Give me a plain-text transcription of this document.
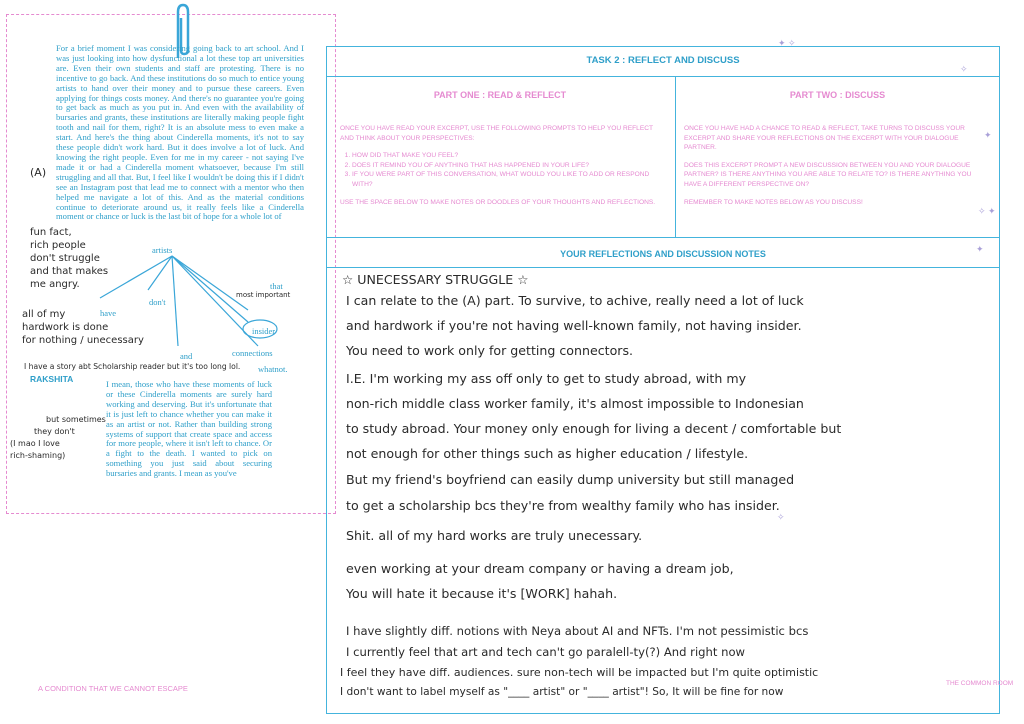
For a brief moment I was considering going back to art school. And I was just looking into how dysfunctional a lot these top art universities are. Even their own students and staff are protesting. There is no incentive to go back. And these institutions do so much to entice young artists to hand over their money and to pursue these careers. Even applying for things costs money. And there's no guarantee you're going to get back as much as you put in. And even with the availability of bursaries and grants, these institutions are literally making people fight tooth and nail for them, right? It is an absolute mess to even make a start. And here's the thing about Cinderella moments, it's not to say these people didn't work hard. But it does involve a lot of luck. And knowing the right people. Even for me in my career - not saying I've made it or had a Cinderella moment whatsoever, because I'm still struggling and all that. But, I feel like I wouldn't be doing this if I didn't see an Instagram post that lead me to connect with a mentor who then helped me navigate a lot of this. And as the material conditions continue to deteriorate around us, it really feels like a Cinderella moment or chance or luck is the last bit of hope for a whole lot of
artists
have
don't
and
insider
connections
whatnot.
that
most important
(A)
fun fact,
rich people
don't struggle
and that makes
me angry.
all of my
hardwork is done
for nothing / unecessary
I have a story abt Scholarship reader but it's too long lol.
RAKSHITA	I mean, those who have these moments of luck or these Cinderella moments are surely hard working and deserving. But it's unfortunate that it is just left to chance whether you can make it as an artist or not. Rather than building strong systems of support that create space and access for more people, where it isn't left to chance. Or a fight to the death. I wanted to pick on something you just said about securing bursaries and grants. I mean as you've
but sometimes
they don't
(I mao I love
rich-shaming)
TASK 2 : REFLECT AND DISCUSS
PART ONE : READ & REFLECT	PART TWO : DISCUSS

ONCE YOU HAVE READ YOUR EXCERPT, USE THE FOLLOWING PROMPTS TO HELP YOU REFLECT AND THINK ABOUT YOUR PERSPECTIVES:

1. HOW DID THAT MAKE YOU FEEL?
2. DOES IT REMIND YOU OF ANYTHING THAT HAS HAPPENED IN YOUR LIFE?
3. IF YOU WERE PART OF THIS CONVERSATION, WHAT WOULD YOU LIKE TO ADD OR RESPOND WITH?

USE THE SPACE BELOW TO MAKE NOTES OR DOODLES OF YOUR THOUGHTS AND REFLECTIONS.

ONCE YOU HAVE HAD A CHANCE TO READ & REFLECT, TAKE TURNS TO DISCUSS YOUR EXCERPT AND SHARE YOUR REFLECTIONS ON THE EXCERPT WITH YOUR DIALOGUE PARTNER.

DOES THIS EXCERPT PROMPT A NEW DISCUSSION BETWEEN YOU AND YOUR DIALOGUE PARTNER? IS THERE ANYTHING YOU ARE ABLE TO RELATE TO? IS THERE ANYTHING YOU HAVE A DIFFERENT PERSPECTIVE ON?

REMEMBER TO MAKE NOTES BELOW AS YOU DISCUSS!

YOUR REFLECTIONS AND DISCUSSION NOTES
☆ UNECESSARY STRUGGLE ☆
I can relate to the (A) part. To survive, to achive, really need a lot of luck
and hardwork if you're not having well-known family, not having insider.
You need to work only for getting connectors.
I.E. I'm working my ass off only to get to study abroad, with my
non-rich middle class worker family, it's almost impossible to Indonesian
to study abroad. Your money only enough for living a decent / comfortable but
not enough for other things such as higher education / lifestyle.
But my friend's boyfriend can easily dump university but still managed
to get a scholarship bcs they're from wealthy family who has insider.
Shit. all of my hard works are truly unecessary.
even working at your dream company or having a dream job,
You will hate it because it's [WORK] hahah.
I have slightly diff. notions with Neya about AI and NFTs. I'm not pessimistic bcs
I currently feel that art and tech can't go paralell-ty(?) And right now
I feel they have diff. audiences. sure non-tech will be impacted but I'm quite optimistic
I don't want to label myself as "____ artist" or "____ artist"! So, It will be fine for now
✦ ✧
✧
✦
✧ ✦
✦
✧
A CONDITION THAT WE CANNOT ESCAPE
THE COMMON ROOM
